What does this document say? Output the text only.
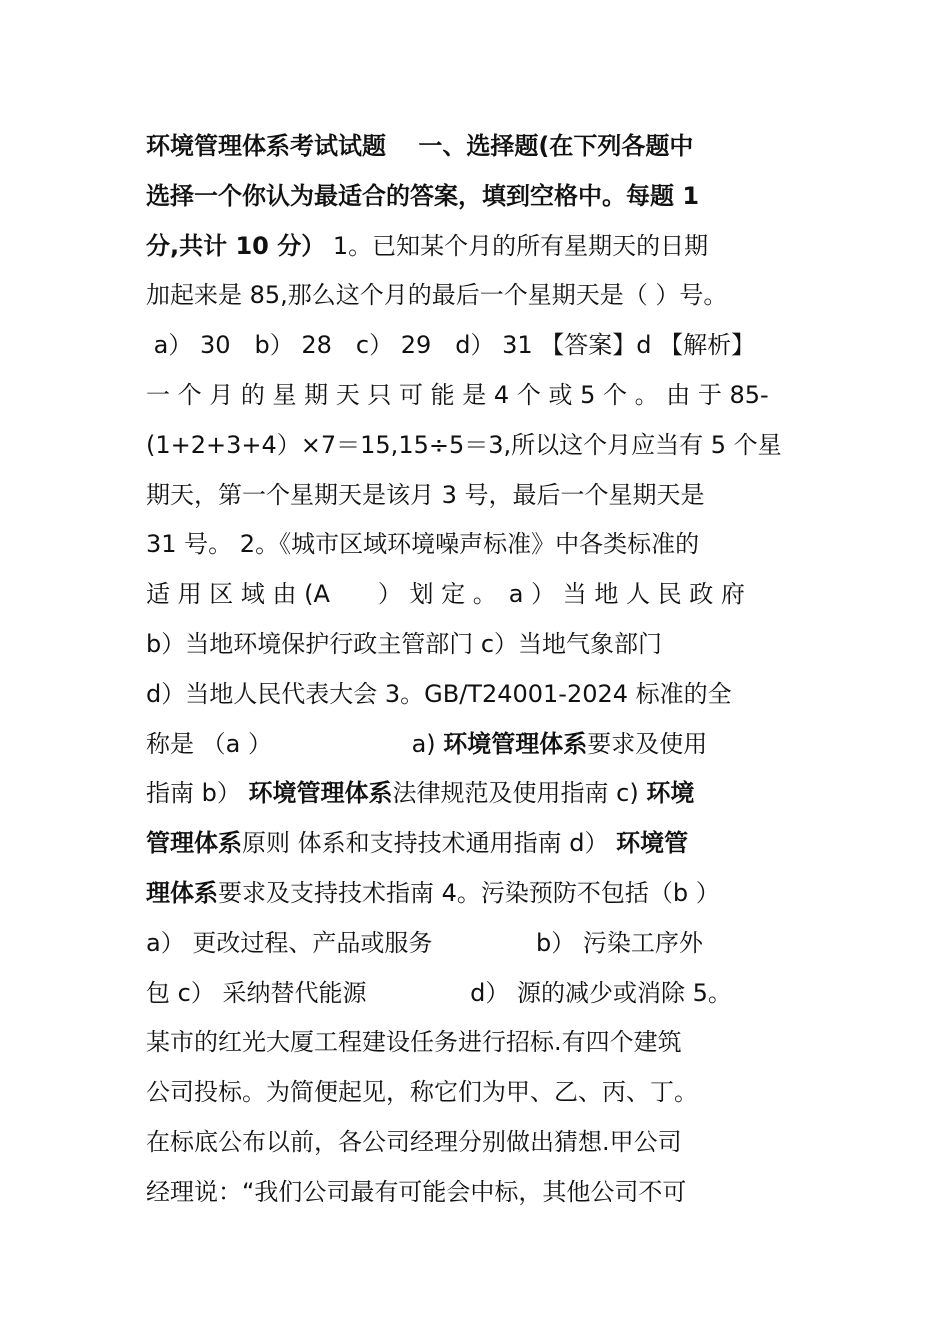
环境管理体系考试试题　 一、选择题(在下列各题中
选择一个你认为最适合的答案，填到空格中。每题 1
分,共计 10 分） 1。已知某个月的所有星期天的日期
加起来是 85,那么这个月的最后一个星期天是（ ）号。
a） 30　b） 28　c） 29　d） 31 【答案】d 【解析】
一 个 月 的 星 期 天 只 可 能 是 4 个 或 5 个 。 由 于 85-
(1+2+3+4）×7＝15,15÷5＝3,所以这个月应当有 5 个星
期天，第一个星期天是该月 3 号，最后一个星期天是
31 号。 2。《城市区域环境噪声标准》中各类标准的
适 用 区 域 由 (A　　） 划 定 。　a ） 当 地 人 民 政 府
b）当地环境保护行政主管部门 c）当地气象部门
d）当地人民代表大会 3。GB/T24001-2024 标准的全
称是 （a ）　　　　　　 a) 环境管理体系要求及使用
指南 b） 环境管理体系法律规范及使用指南 c) 环境
管理体系原则 体系和支持技术通用指南 d） 环境管
理体系要求及支持技术指南 4。污染预防不包括（b ）
a） 更改过程、产品或服务　　　　 b） 污染工序外
包 c） 采纳替代能源　　　　 d） 源的减少或消除 5。
某市的红光大厦工程建设任务进行招标.有四个建筑
公司投标。为简便起见，称它们为甲、乙、丙、丁。
在标底公布以前，各公司经理分别做出猜想.甲公司
经理说：“我们公司最有可能会中标，其他公司不可
